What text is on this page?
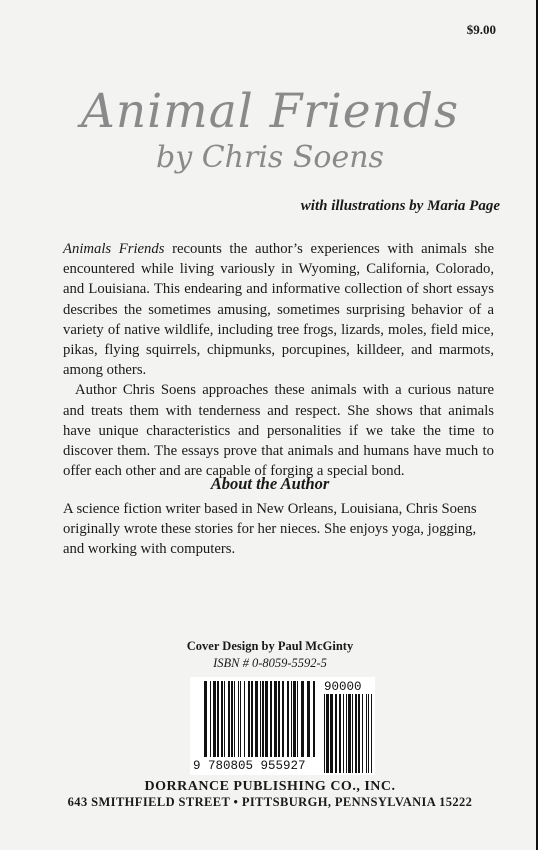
$9.00
Animal Friends
by Chris Soens
with illustrations by Maria Page

Animals Friends recounts the author’s experiences with animals she encountered while living variously in Wyoming, California, Colorado, and Louisiana. This endearing and informative collection of short essays describes the sometimes amusing, sometimes surprising behavior of a variety of native wildlife, including tree frogs, lizards, moles, field mice, pikas, flying squirrels, chipmunks, porcupines, killdeer, and marmots, among others.

Author Chris Soens approaches these animals with a curious nature and treats them with tenderness and respect. She shows that animals have unique characteristics and personalities if we take the time to discover them. The essays prove that animals and humans have much to offer each other and are capable of forging a special bond.

About the Author
A science fiction writer based in New Orleans, Louisiana, Chris Soens originally wrote these stories for her nieces. She enjoys yoga, jogging, and working with computers.
Cover Design by Paul McGinty
ISBN # 0-8059-5592-5
9 780805 955927
90000
DORRANCE PUBLISHING CO., INC.
643 SMITHFIELD STREET • PITTSBURGH, PENNSYLVANIA 15222
